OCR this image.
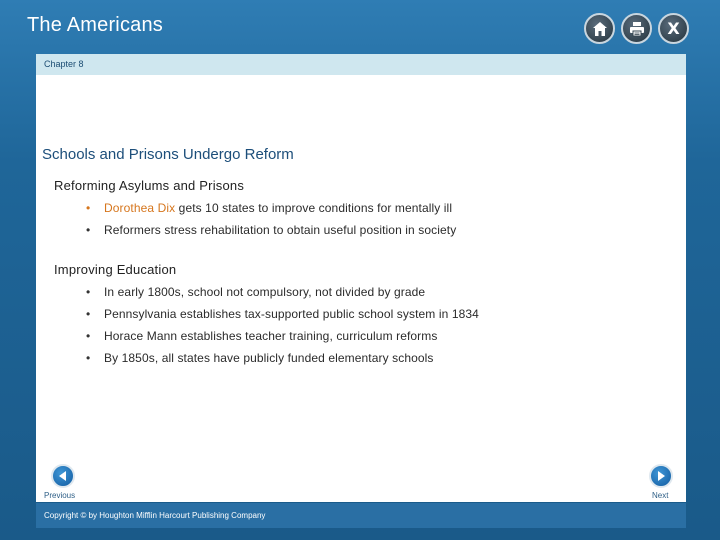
The Americans	X
Chapter 8
Schools and Prisons Undergo Reform
Reforming Asylums and Prisons
• Dorothea Dix gets 10 states to improve conditions for mentally ill
• Reformers stress rehabilitation to obtain useful position in society
Improving Education
• In early 1800s, school not compulsory, not divided by grade
• Pennsylvania establishes tax-supported public school system in 1834
• Horace Mann establishes teacher training, curriculum reforms
• By 1850s, all states have publicly funded elementary schools
Previous	Next
Copyright © by Houghton Mifflin Harcourt Publishing Company
